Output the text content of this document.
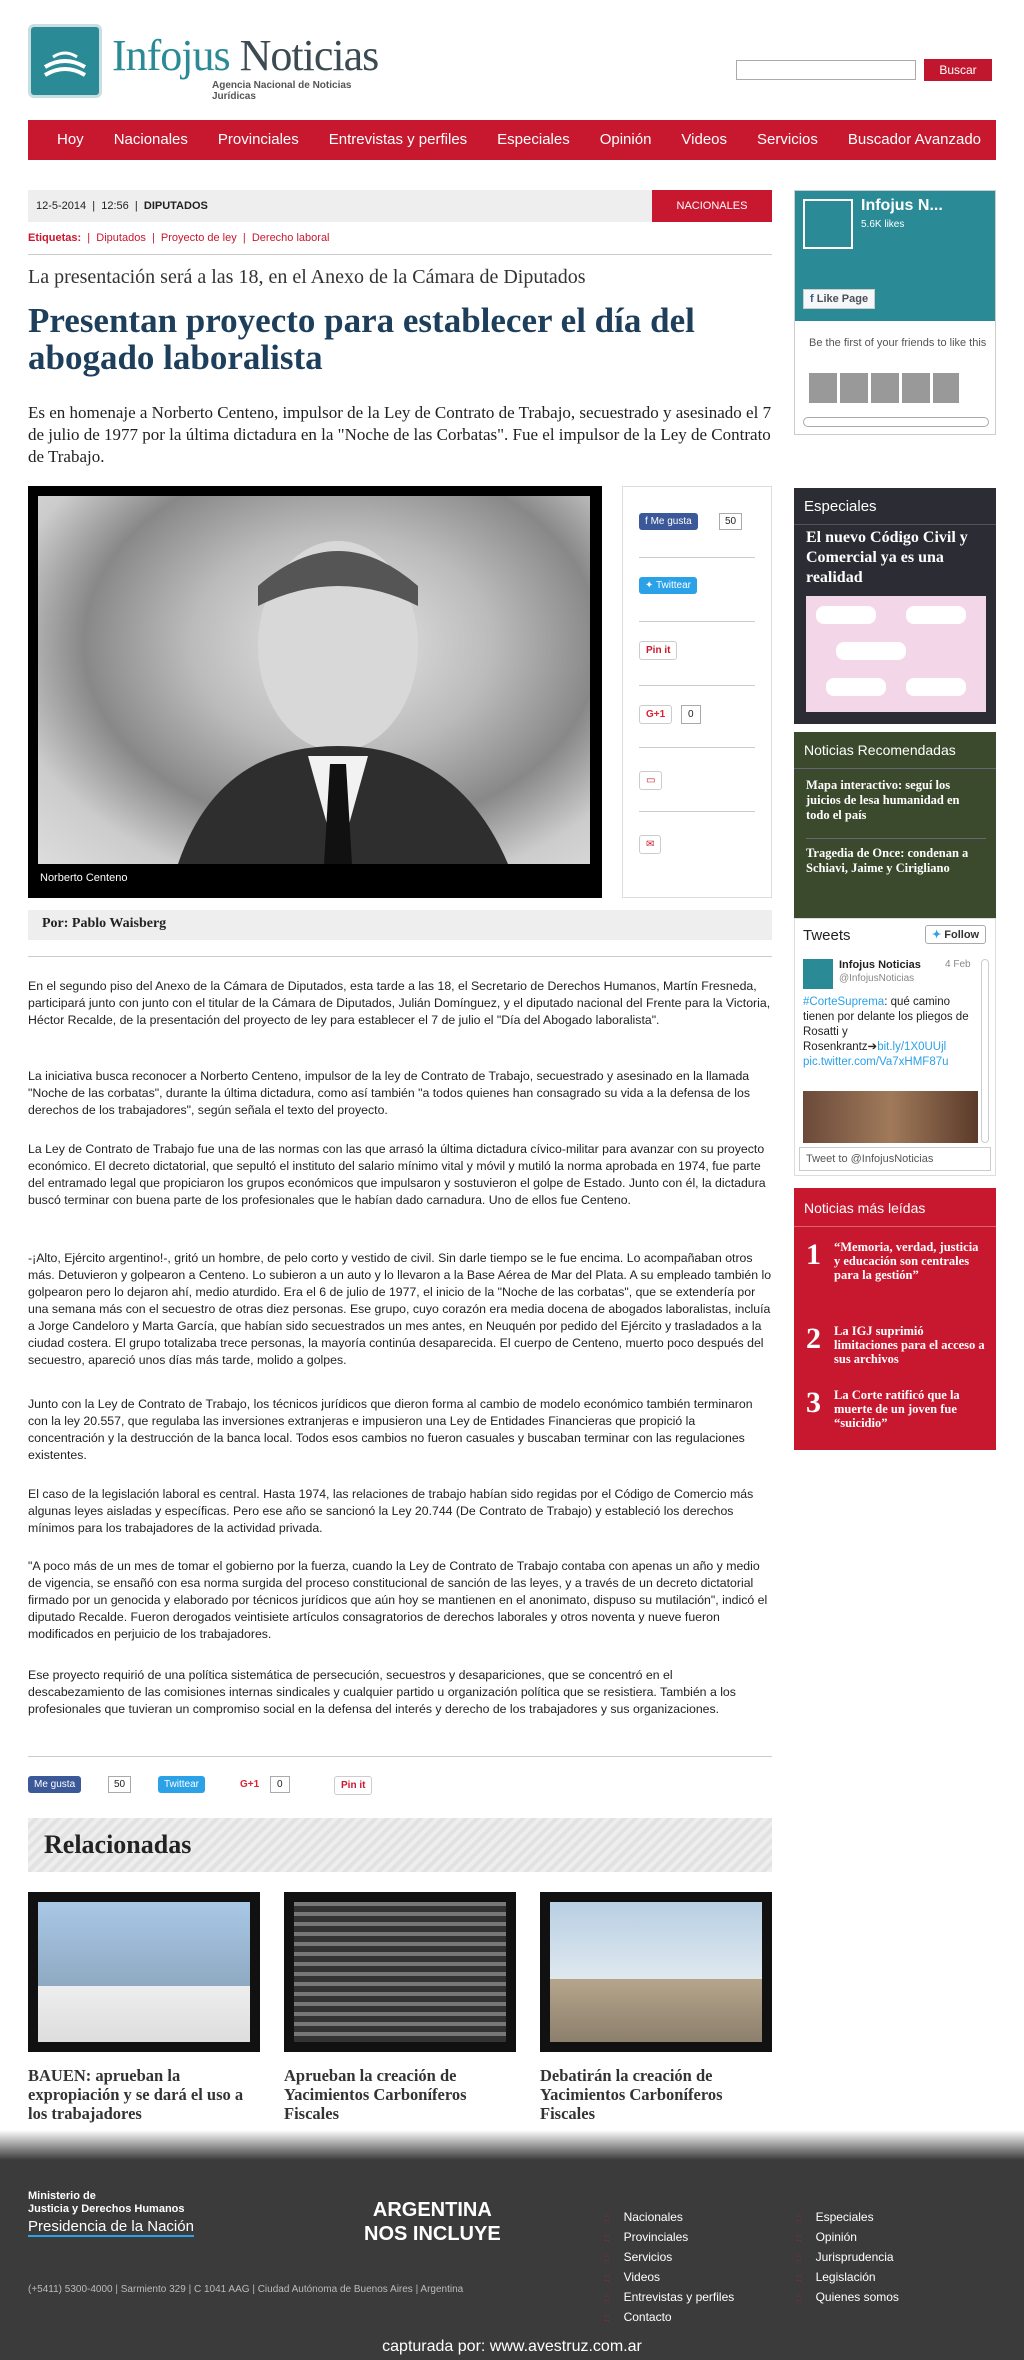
Infojus Noticias
Agencia Nacional de Noticias Jurídicas
Buscar
Hoy	Nacionales	Provinciales	Entrevistas y perfiles	Especiales	Opinión	Videos	Servicios	Buscador Avanzado
12-5-2014  |  12:56  |  DIPUTADOS	NACIONALES
Etiquetas:  |  Diputados  |  Proyecto de ley  |  Derecho laboral
La presentación será a las 18, en el Anexo de la Cámara de Diputados
Presentan proyecto para establecer el día del abogado laboralista
Es en homenaje a Norberto Centeno, impulsor de la Ley de Contrato de Trabajo, secuestrado y asesinado el 7 de julio de 1977 por la última dictadura en la "Noche de las Corbatas". Fue el impulsor de la Ley de Contrato de Trabajo.
Norberto Centeno
f Me gusta	50
✦ Twittear
Pin it
G+1	0
▭
✉
Por: Pablo Waisberg
En el segundo piso del Anexo de la Cámara de Diputados, esta tarde a las 18, el Secretario de Derechos Humanos, Martín Fresneda, participará junto con junto con el titular de la Cámara de Diputados, Julián Domínguez, y el diputado nacional del Frente para la Victoria, Héctor Recalde, de la presentación del proyecto de ley para establecer el 7 de julio el "Día del Abogado laboralista".
La iniciativa busca reconocer a Norberto Centeno, impulsor de la ley de Contrato de Trabajo, secuestrado y asesinado en la llamada "Noche de las corbatas", durante la última dictadura, como así también "a todos quienes han consagrado su vida a la defensa de los derechos de los trabajadores", según señala el texto del proyecto.
La Ley de Contrato de Trabajo fue una de las normas con las que arrasó la última dictadura cívico-militar para avanzar con su proyecto económico. El decreto dictatorial, que sepultó el instituto del salario mínimo vital y móvil y mutiló la norma aprobada en 1974, fue parte del entramado legal que propiciaron los grupos económicos que impulsaron y sostuvieron el golpe de Estado. Junto con él, la dictadura buscó terminar con buena parte de los profesionales que le habían dado carnadura. Uno de ellos fue Centeno.
-¡Alto, Ejército argentino!-, gritó un hombre, de pelo corto y vestido de civil. Sin darle tiempo se le fue encima. Lo acompañaban otros más. Detuvieron y golpearon a Centeno. Lo subieron a un auto y lo llevaron a la Base Aérea de Mar del Plata. A su empleado también lo golpearon pero lo dejaron ahí, medio aturdido. Era el 6 de julio de 1977, el inicio de la "Noche de las corbatas", que se extendería por una semana más con el secuestro de otras diez personas. Ese grupo, cuyo corazón era media docena de abogados laboralistas, incluía a Jorge Candeloro y Marta García, que habían sido secuestrados un mes antes, en Neuquén por pedido del Ejército y trasladados a la ciudad costera. El grupo totalizaba trece personas, la mayoría continúa desaparecida. El cuerpo de Centeno, muerto poco después del secuestro, apareció unos días más tarde, molido a golpes.
Junto con la Ley de Contrato de Trabajo, los técnicos jurídicos que dieron forma al cambio de modelo económico también terminaron con la ley 20.557, que regulaba las inversiones extranjeras e impusieron una Ley de Entidades Financieras que propició la concentración y la destrucción de la banca local. Todos esos cambios no fueron casuales y buscaban terminar con las regulaciones existentes.
El caso de la legislación laboral es central. Hasta 1974, las relaciones de trabajo habían sido regidas por el Código de Comercio más algunas leyes aisladas y específicas. Pero ese año se sancionó la Ley 20.744 (De Contrato de Trabajo) y estableció los derechos mínimos para los trabajadores de la actividad privada.
"A poco más de un mes de tomar el gobierno por la fuerza, cuando la Ley de Contrato de Trabajo contaba con apenas un año y medio de vigencia, se ensañó con esa norma surgida del proceso constitucional de sanción de las leyes, y a través de un decreto dictatorial firmado por un genocida y elaborado por técnicos jurídicos que aún hoy se mantienen en el anonimato, dispuso su mutilación", indicó el diputado Recalde. Fueron derogados veintisiete artículos consagratorios de derechos laborales y otros noventa y nueve fueron modificados en perjuicio de los trabajadores.
Ese proyecto requirió de una política sistemática de persecución, secuestros y desapariciones, que se concentró en el descabezamiento de las comisiones internas sindicales y cualquier partido u organización política que se resistiera. También a los profesionales que tuvieran un compromiso social en la defensa del interés y derecho de los trabajadores y sus organizaciones.
Me gusta	50	Twittear	G+1	0	Pin it
Relacionadas
BAUEN: aprueban la expropiación y se dará el uso a los trabajadores
Aprueban la creación de Yacimientos Carboníferos Fiscales
Debatirán la creación de Yacimientos Carboníferos Fiscales
Infojus N...
5.6K likes
f Like Page
Be the first of your friends to like this
Especiales
El nuevo Código Civil y Comercial ya es una realidad
Noticias Recomendadas
Mapa interactivo: seguí los juicios de lesa humanidad en todo el país
Tragedia de Once: condenan a Schiavi, Jaime y Cirigliano
Tweets	✦ Follow
Infojus Noticias
@InfojusNoticias
4 Feb
#CorteSuprema: qué camino tienen por delante los pliegos de Rosatti y Rosenkrantz➔bit.ly/1X0UUjl pic.twitter.com/Va7xHMF87u
Tweet to @InfojusNoticias
Noticias más leídas
1 “Memoria, verdad, justicia y educación son centrales para la gestión”
2 La IGJ suprimió limitaciones para el acceso a sus archivos
3 La Corte ratificó que la muerte de un joven fue “suicidio”
Ministerio de
Justicia y Derechos Humanos
Presidencia de la Nación
ARGENTINA
NOS INCLUYE
(+5411) 5300-4000 | Sarmiento 329 | C 1041 AAG | Ciudad Autónoma de Buenos Aires | Argentina
:: Nacionales
:: Provinciales
:: Servicios
:: Videos
:: Entrevistas y perfiles
:: Contacto
:: Especiales
:: Opinión
:: Jurisprudencia
:: Legislación
:: Quienes somos
capturada por: www.avestruz.com.ar
